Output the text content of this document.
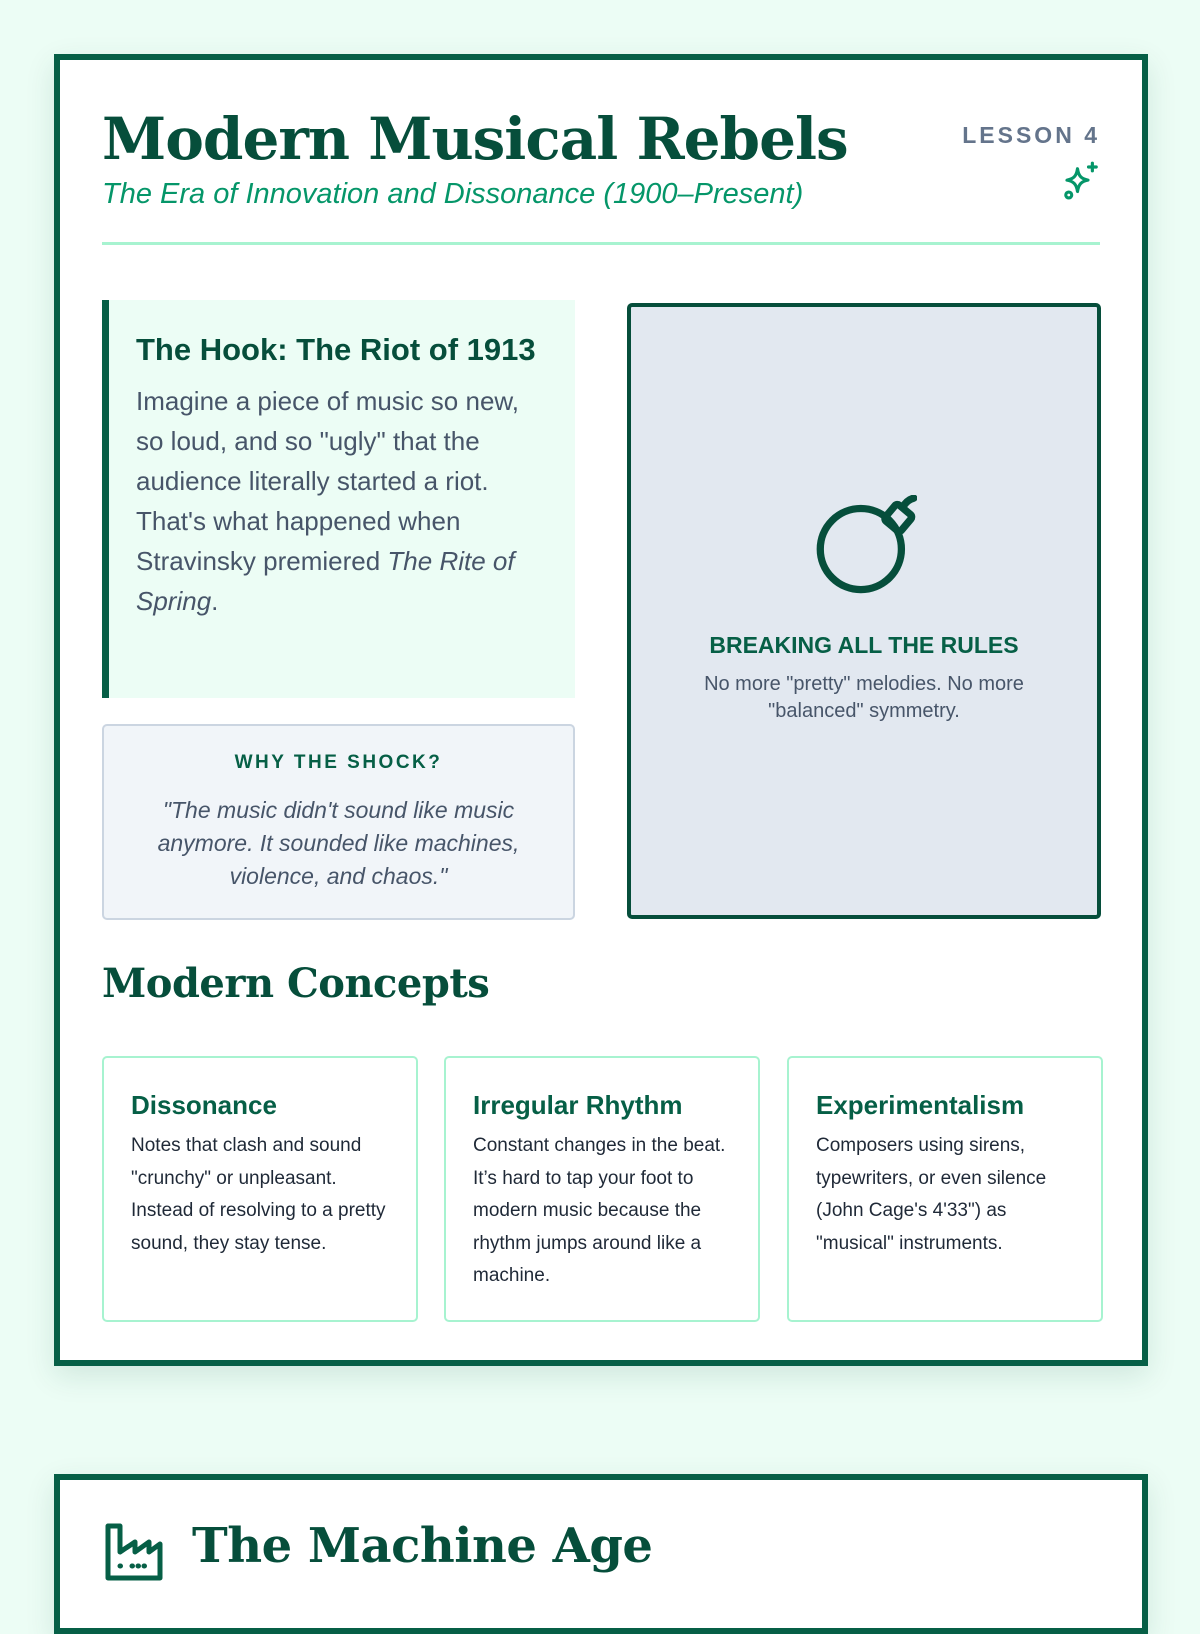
Modern Musical Rebels
The Era of Innovation and Dissonance (1900–Present)
LESSON 4
The Hook: The Riot of 1913

Imagine a piece of music so new, so loud, and so "ugly" that the audience literally started a riot. That's what happened when Stravinsky premiered The Rite of Spring.

WHY THE SHOCK?
"The music didn't sound like music anymore. It sounded like machines, violence, and chaos."
BREAKING ALL THE RULES
No more "pretty" melodies. No more "balanced" symmetry.
Modern Concepts
Dissonance

Notes that clash and sound "crunchy" or unpleasant. Instead of resolving to a pretty sound, they stay tense.

Irregular Rhythm

Constant changes in the beat. It’s hard to tap your foot to modern music because the rhythm jumps around like a machine.

Experimentalism

Composers using sirens, typewriters, or even silence (John Cage's 4'33") as "musical" instruments.

The Machine Age
